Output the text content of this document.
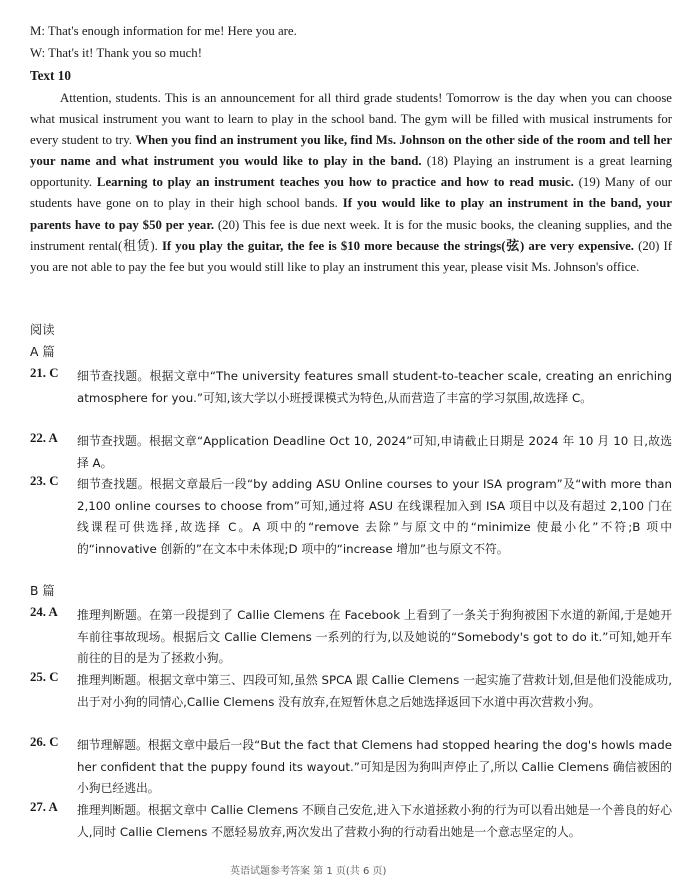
M: That's enough information for me! Here you are.
W: That's it! Thank you so much!
Text 10
Attention, students. This is an announcement for all third grade students! Tomorrow is the day when you can choose what musical instrument you want to learn to play in the school band. The gym will be filled with musical instruments for every student to try. When you find an instrument you like, find Ms. Johnson on the other side of the room and tell her your name and what instrument you would like to play in the band. (18) Playing an instrument is a great learning opportunity. Learning to play an instrument teaches you how to practice and how to read music. (19) Many of our students have gone on to play in their high school bands. If you would like to play an instrument in the band, your parents have to pay $50 per year. (20) This fee is due next week. It is for the music books, the cleaning supplies, and the instrument rental(租赁). If you play the guitar, the fee is $10 more because the strings(弦) are very expensive. (20) If you are not able to pay the fee but you would still like to play an instrument this year, please visit Ms. Johnson's office.
阅读
A 篇
21. C 细节查找题。根据文章中“The university features small student-to-teacher scale, creating an enriching atmosphere for you.”可知,该大学以小班授课模式为特色,从而营造了丰富的学习氛围,故选择 C。
22. A 细节查找题。根据文章“Application Deadline Oct 10, 2024”可知,申请截止日期是 2024 年 10 月 10 日,故选择 A。
23. C 细节查找题。根据文章最后一段“by adding ASU Online courses to your ISA program”及“with more than 2,100 online courses to choose from”可知,通过将 ASU 在线课程加入到 ISA 项目中以及有超过 2,100 门在线课程可供选择,故选择 C。A 项中的“remove 去除”与原文中的“minimize 使最小化”不符;B 项中的“innovative 创新的”在文本中未体现;D 项中的“increase 增加”也与原文不符。
B 篇
24. A 推理判断题。在第一段提到了 Callie Clemens 在 Facebook 上看到了一条关于狗狗被困下水道的新闻,于是她开车前往事故现场。根据后文 Callie Clemens 一系列的行为,以及她说的“Somebody's got to do it.”可知,她开车前往的目的是为了拯救小狗。
25. C 推理判断题。根据文章中第三、四段可知,虽然 SPCA 跟 Callie Clemens 一起实施了营救计划,但是他们没能成功,出于对小狗的同情心,Callie Clemens 没有放弃,在短暂休息之后她选择返回下水道中再次营救小狗。
26. C 细节理解题。根据文章中最后一段“But the fact that Clemens had stopped hearing the dog's howls made her confident that the puppy found its wayout.”可知是因为狗叫声停止了,所以 Callie Clemens 确信被困的小狗已经逃出。
27. A 推理判断题。根据文章中 Callie Clemens 不顾自己安危,进入下水道拯救小狗的行为可以看出她是一个善良的好心人,同时 Callie Clemens 不愿轻易放弃,两次发出了营救小狗的行动看出她是一个意志坚定的人。
英语试题参考答案 第 1 页(共 6 页)
